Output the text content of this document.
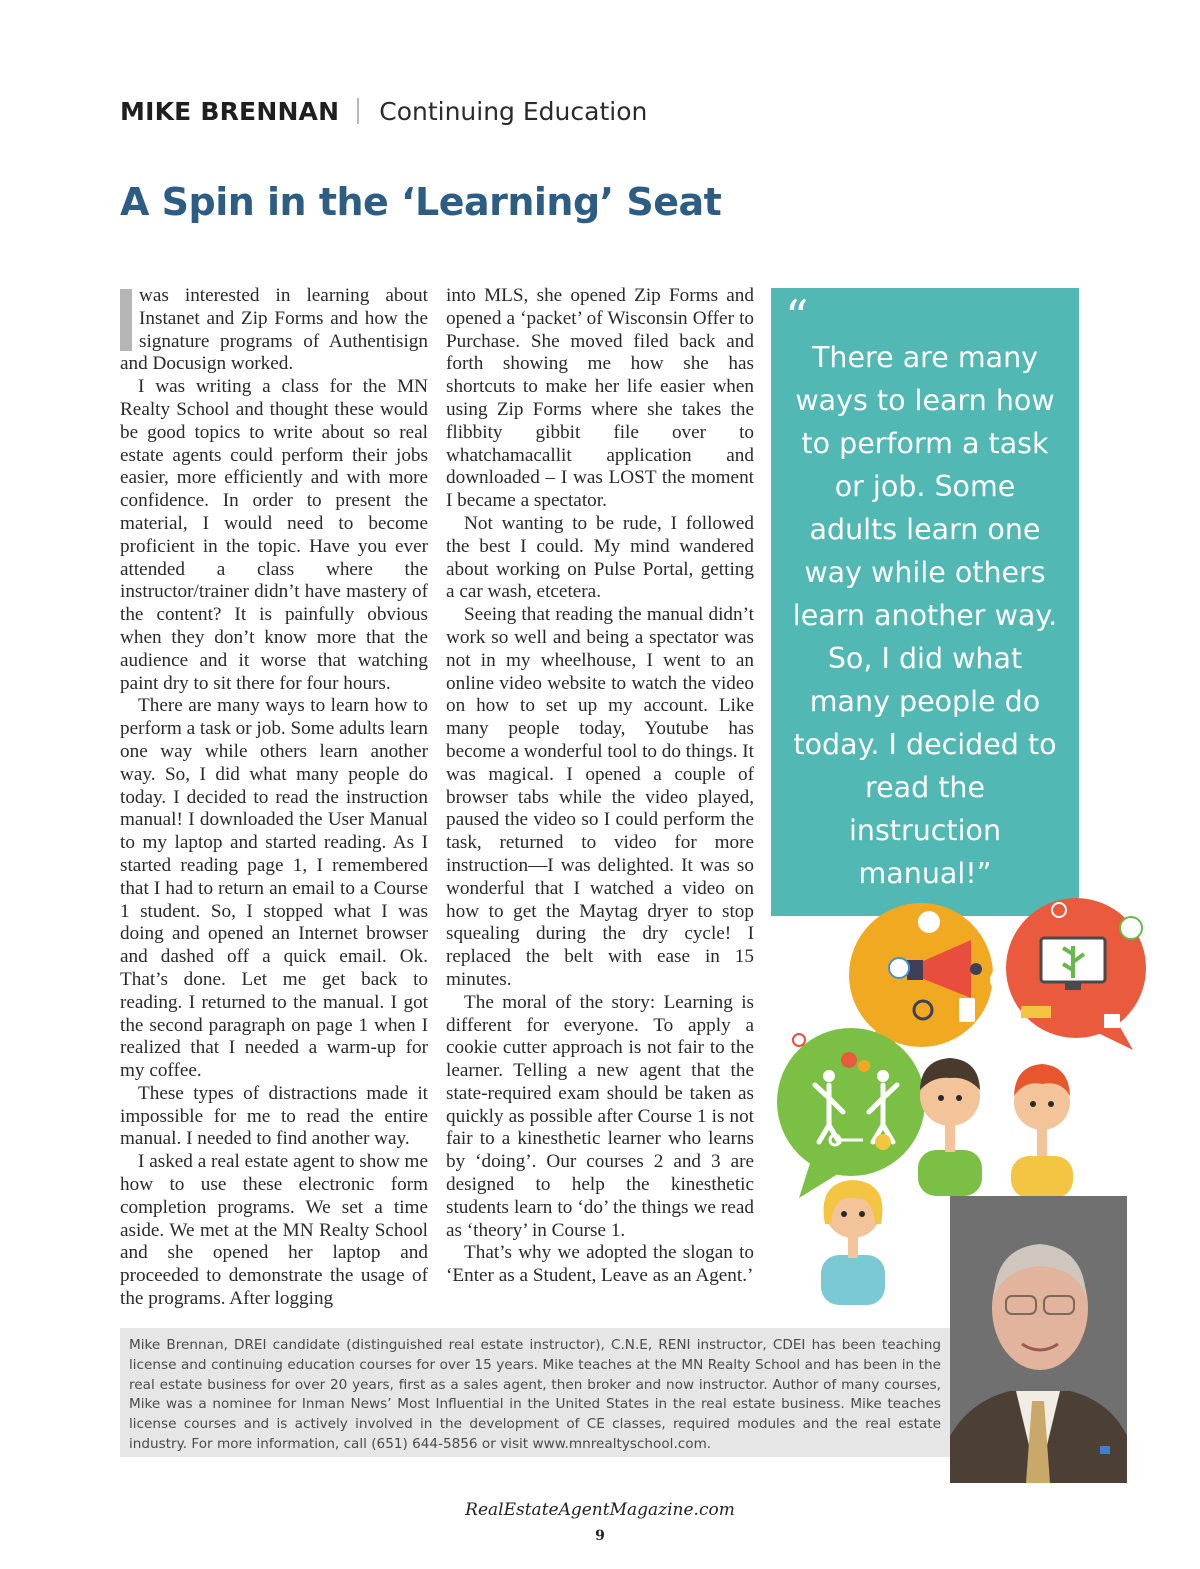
MIKE BRENNAN Continuing Education
A Spin in the ‘Learning’ Seat

was interested in learning about Instanet and Zip Forms and how the signature programs of Authentisign and Docusign worked.

I was writing a class for the MN Realty School and thought these would be good topics to write about so real estate agents could perform their jobs easier, more efficiently and with more confidence. In order to present the material, I would need to become proficient in the topic. Have you ever attended a class where the instructor/trainer didn’t have mastery of the content? It is painfully obvious when they don’t know more that the audience and it worse that watching paint dry to sit there for four hours.

There are many ways to learn how to perform a task or job. Some adults learn one way while others learn another way. So, I did what many people do today. I decided to read the instruction manual! I downloaded the User Manual to my laptop and started reading. As I started reading page 1, I remembered that I had to return an email to a Course 1 student. So, I stopped what I was doing and opened an Internet browser and dashed off a quick email. Ok. That’s done. Let me get back to reading. I returned to the manual. I got the second paragraph on page 1 when I realized that I needed a warm-up for my coffee.

These types of distractions made it impossible for me to read the entire manual. I needed to find another way.

I asked a real estate agent to show me how to use these electronic form completion programs. We set a time aside. We met at the MN Realty School and she opened her laptop and proceeded to demonstrate the usage of the programs. After logging

into MLS, she opened Zip Forms and opened a ‘packet’ of Wisconsin Offer to Purchase. She moved filed back and forth showing me how she has shortcuts to make her life easier when using Zip Forms where she takes the flibbity gibbit file over to whatchamacallit application and downloaded – I was LOST the moment I became a spectator.

Not wanting to be rude, I followed the best I could. My mind wandered about working on Pulse Portal, getting a car wash, etcetera.

Seeing that reading the manual didn’t work so well and being a spectator was not in my wheelhouse, I went to an online video website to watch the video on how to set up my account. Like many people today, Youtube has become a wonderful tool to do things. It was magical. I opened a couple of browser tabs while the video played, paused the video so I could perform the task, returned to video for more instruction—I was delighted. It was so wonderful that I watched a video on how to get the Maytag dryer to stop squealing during the dry cycle! I replaced the belt with ease in 15 minutes.

The moral of the story: Learning is different for everyone. To apply a cookie cutter approach is not fair to the learner. Telling a new agent that the state-required exam should be taken as quickly as possible after Course 1 is not fair to a kinesthetic learner who learns by ‘doing’. Our courses 2 and 3 are designed to help the kinesthetic students learn to ‘do’ the things we read as ‘theory’ in Course 1.

That’s why we adopted the slogan to ‘Enter as a Student, Leave as an Agent.’

“

There are many ways to learn how to perform a task or job. Some adults learn one way while others learn another way. So, I did what many people do today. I decided to read the instruction manual!”

Mike Brennan, DREI candidate (distinguished real estate instructor), C.N.E, RENI instructor, CDEI has been teaching license and continuing education courses for over 15 years. Mike teaches at the MN Realty School and has been in the real estate business for over 20 years, first as a sales agent, then broker and now instructor. Author of many courses, Mike was a nominee for Inman News’ Most Influential in the United States in the real estate business. Mike teaches license courses and is actively involved in the development of CE classes, required modules and the real estate industry. For more information, call (651) 644-5856 or visit www.mnrealtyschool.com.

RealEstateAgentMagazine.com
9
